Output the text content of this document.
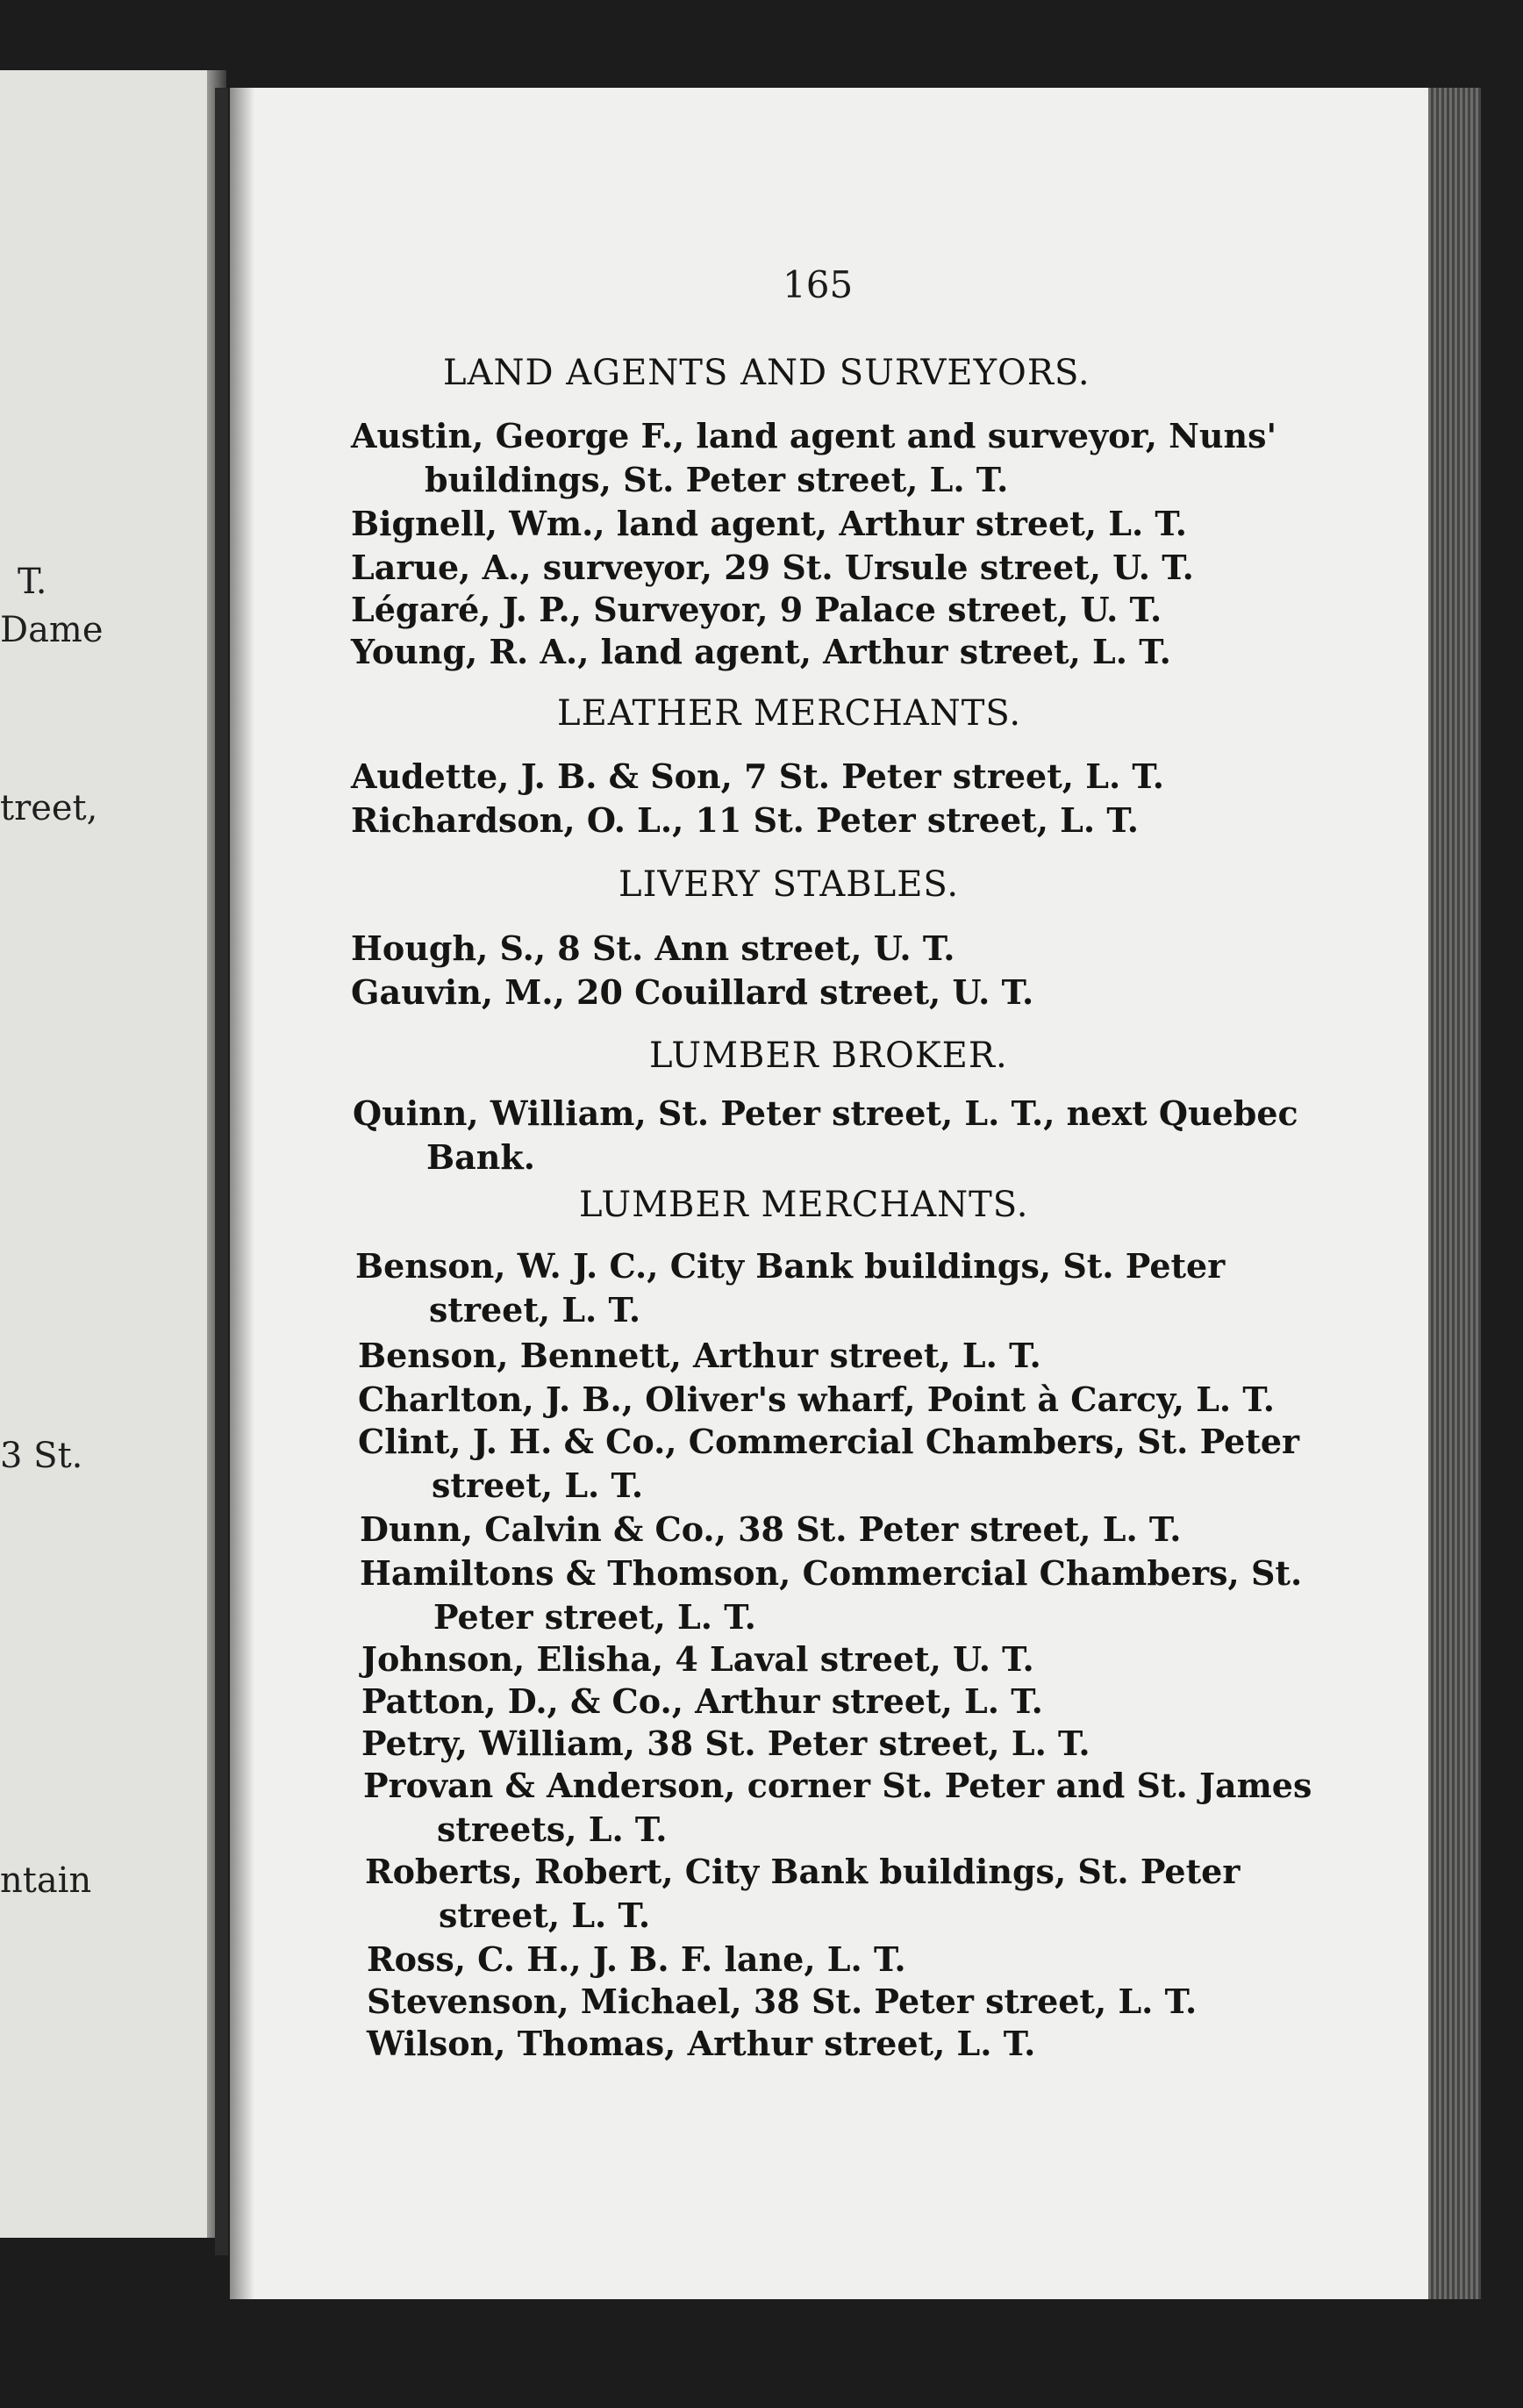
T.
Dame
treet,
3 St.
ntain
165
LAND AGENTS AND SURVEYORS.
Austin, George F., land agent and surveyor, Nuns'
buildings, St. Peter street, L. T.
Bignell, Wm., land agent, Arthur street, L. T.
Larue, A., surveyor, 29 St. Ursule street, U. T.
Légaré, J. P., Surveyor, 9 Palace street, U. T.
Young, R. A., land agent, Arthur street, L. T.
LEATHER MERCHANTS.
Audette, J. B. & Son, 7 St. Peter street, L. T.
Richardson, O. L., 11 St. Peter street, L. T.
LIVERY STABLES.
Hough, S., 8 St. Ann street, U. T.
Gauvin, M., 20 Couillard street, U. T.
LUMBER BROKER.
Quinn, William, St. Peter street, L. T., next Quebec
Bank.
LUMBER MERCHANTS.
Benson, W. J. C., City Bank buildings, St. Peter
street, L. T.
Benson, Bennett, Arthur street, L. T.
Charlton, J. B., Oliver's wharf, Point à Carcy, L. T.
Clint, J. H. & Co., Commercial Chambers, St. Peter
street, L. T.
Dunn, Calvin & Co., 38 St. Peter street, L. T.
Hamiltons & Thomson, Commercial Chambers, St.
Peter street, L. T.
Johnson, Elisha, 4 Laval street, U. T.
Patton, D., & Co., Arthur street, L. T.
Petry, William, 38 St. Peter street, L. T.
Provan & Anderson, corner St. Peter and St. James
streets, L. T.
Roberts, Robert, City Bank buildings, St. Peter
street, L. T.
Ross, C. H., J. B. F. lane, L. T.
Stevenson, Michael, 38 St. Peter street, L. T.
Wilson, Thomas, Arthur street, L. T.
